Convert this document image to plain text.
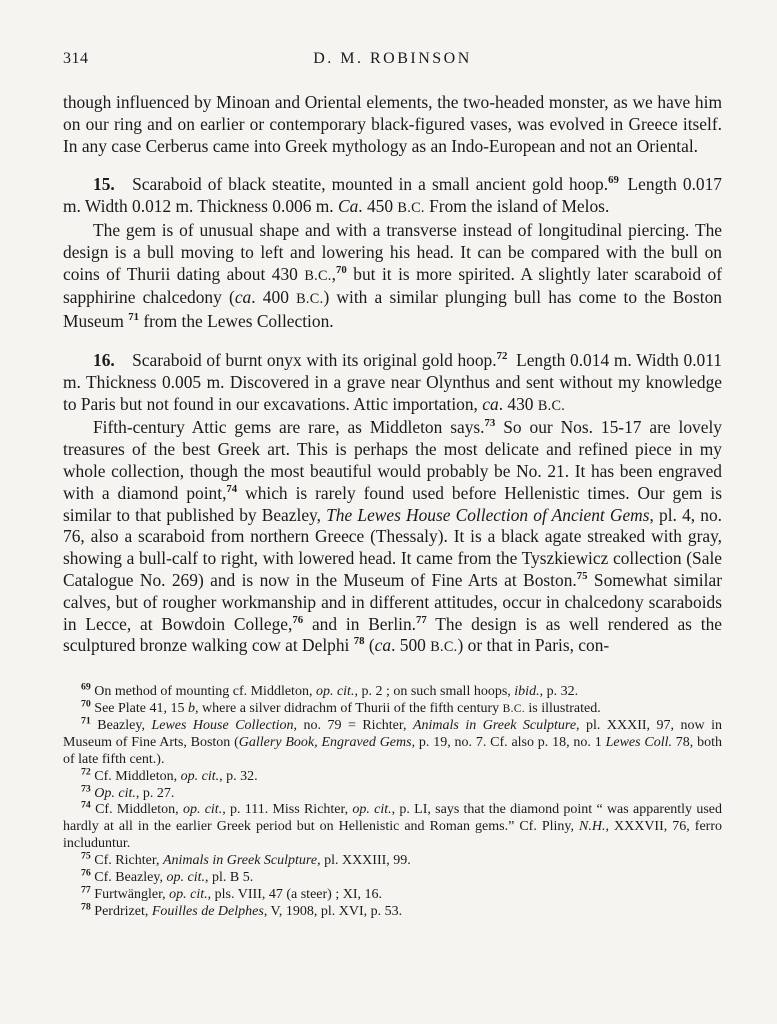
314	D. M. ROBINSON

though influenced by Minoan and Oriental elements, the two-headed monster, as we have him on our ring and on earlier or contemporary black-figured vases, was evolved in Greece itself. In any case Cerberus came into Greek mythology as an Indo-European and not an Oriental.

15. Scaraboid of black steatite, mounted in a small ancient gold hoop.$^{69}$ Length 0.017 m. Width 0.012 m. Thickness 0.006 m. Ca. 450 B.C. From the island of Melos.

The gem is of unusual shape and with a transverse instead of longitudinal piercing. The design is a bull moving to left and lowering his head. It can be compared with the bull on coins of Thurii dating about 430 B.C.,$^{70}$ but it is more spirited. A slightly later scaraboid of sapphirine chalcedony (ca. 400 B.C.) with a similar plunging bull has come to the Boston Museum $^{71}$ from the Lewes Collection.

16. Scaraboid of burnt onyx with its original gold hoop.$^{72}$ Length 0.014 m. Width 0.011 m. Thickness 0.005 m. Discovered in a grave near Olynthus and sent without my knowledge to Paris but not found in our excavations. Attic importation, ca. 430 B.C.

Fifth-century Attic gems are rare, as Middleton says.$^{73}$ So our Nos. 15-17 are lovely treasures of the best Greek art. This is perhaps the most delicate and refined piece in my whole collection, though the most beautiful would probably be No. 21. It has been engraved with a diamond point,$^{74}$ which is rarely found used before Hellenistic times. Our gem is similar to that published by Beazley, The Lewes House Collection of Ancient Gems, pl. 4, no. 76, also a scaraboid from northern Greece (Thessaly). It is a black agate streaked with gray, showing a bull-calf to right, with lowered head. It came from the Tyszkiewicz collection (Sale Catalogue No. 269) and is now in the Museum of Fine Arts at Boston.$^{75}$ Somewhat similar calves, but of rougher workmanship and in different attitudes, occur in chalcedony scaraboids in Lecce, at Bowdoin College,$^{76}$ and in Berlin.$^{77}$ The design is as well rendered as the sculptured bronze walking cow at Delphi $^{78}$ (ca. 500 B.C.) or that in Paris, con-

$^{69}$ On method of mounting cf. Middleton, op. cit., p. 2 ; on such small hoops, ibid., p. 32.

$^{70}$ See Plate 41, 15 b, where a silver didrachm of Thurii of the fifth century B.C. is illustrated.

$^{71}$ Beazley, Lewes House Collection, no. 79 = Richter, Animals in Greek Sculpture, pl. XXXII, 97, now in Museum of Fine Arts, Boston (Gallery Book, Engraved Gems, p. 19, no. 7. Cf. also p. 18, no. 1 Lewes Coll. 78, both of late fifth cent.).

$^{72}$ Cf. Middleton, op. cit., p. 32.

$^{73}$ Op. cit., p. 27.

$^{74}$ Cf. Middleton, op. cit., p. 111. Miss Richter, op. cit., p. LI, says that the diamond point “ was apparently used hardly at all in the earlier Greek period but on Hellenistic and Roman gems.” Cf. Pliny, N.H., XXXVII, 76, ferro includuntur.

$^{75}$ Cf. Richter, Animals in Greek Sculpture, pl. XXXIII, 99.

$^{76}$ Cf. Beazley, op. cit., pl. B 5.

$^{77}$ Furtwängler, op. cit., pls. VIII, 47 (a steer) ; XI, 16.

$^{78}$ Perdrizet, Fouilles de Delphes, V, 1908, pl. XVI, p. 53.
